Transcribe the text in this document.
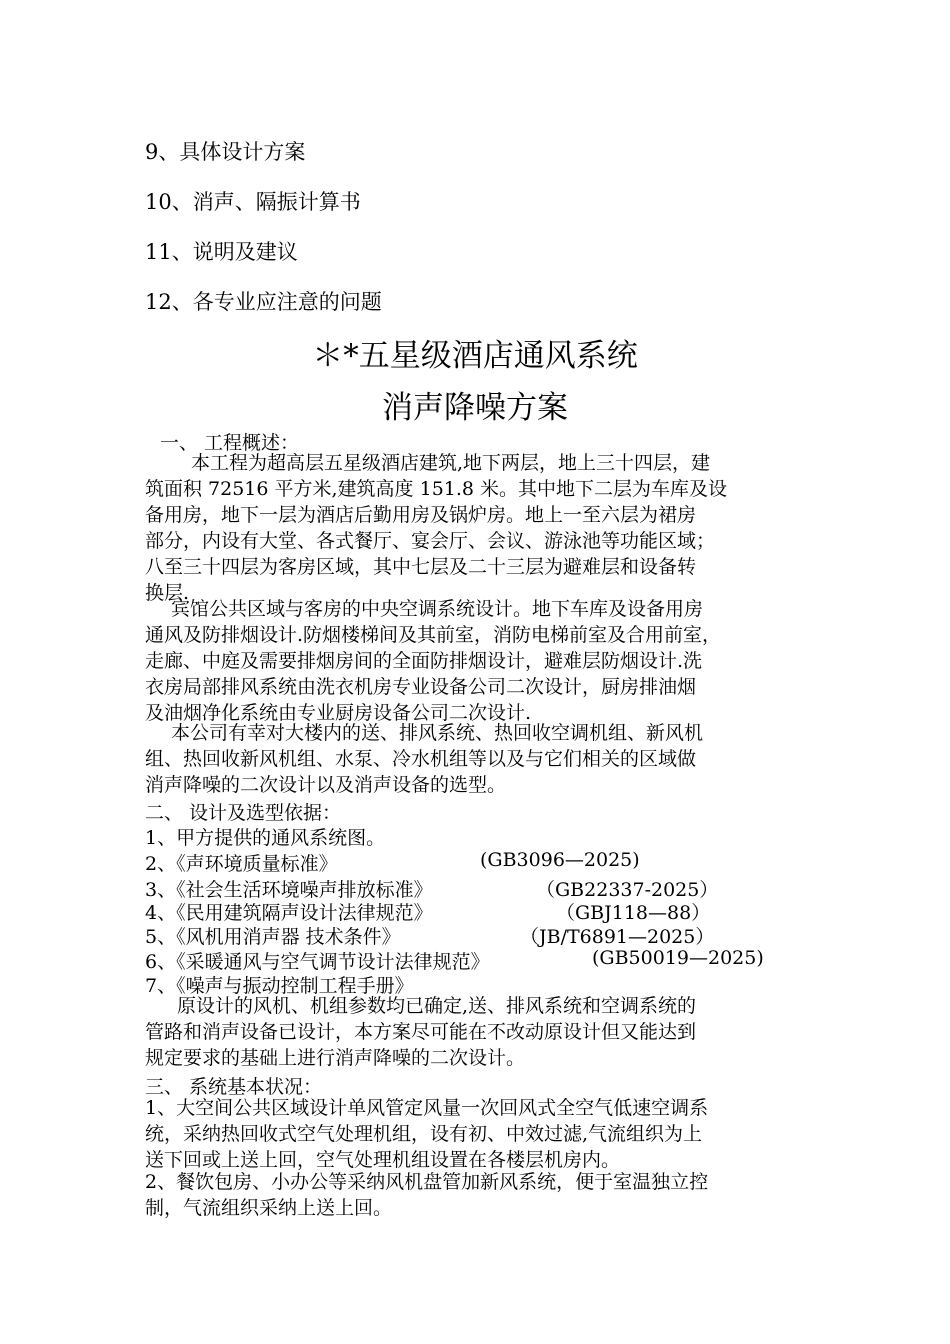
9、具体设计方案
10、消声、隔振计算书
11、说明及建议
12、各专业应注意的问题
＊*五星级酒店通风系统
消声降噪方案
一、 工程概述：
本工程为超高层五星级酒店建筑,地下两层，地上三十四层，建
筑面积 72516 平方米,建筑高度 151.8 米。其中地下二层为车库及设
备用房，地下一层为酒店后勤用房及锅炉房。地上一至六层为裙房
部分，内设有大堂、各式餐厅、宴会厅、会议、游泳池等功能区域；
八至三十四层为客房区域，其中七层及二十三层为避难层和设备转
换层.
宾馆公共区域与客房的中央空调系统设计。地下车库及设备用房
通风及防排烟设计.防烟楼梯间及其前室，消防电梯前室及合用前室，
走廊、中庭及需要排烟房间的全面防排烟设计，避难层防烟设计.洗
衣房局部排风系统由洗衣机房专业设备公司二次设计，厨房排油烟
及油烟净化系统由专业厨房设备公司二次设计.
本公司有幸对大楼内的送、排风系统、热回收空调机组、新风机
组、热回收新风机组、水泵、冷水机组等以及与它们相关的区域做
消声降噪的二次设计以及消声设备的选型。
二、 设计及选型依据：
1、甲方提供的通风系统图。
2、《声环境质量标准》	(GB3096—2025)
3、《社会生活环境噪声排放标准》	（GB22337-2025）
4、《民用建筑隔声设计法律规范》	（GBJ118—88）
5、《风机用消声器 技术条件》	（JB/T6891—2025）
6、《采暖通风与空气调节设计法律规范》	(GB50019—2025)
7、《噪声与振动控制工程手册》
原设计的风机、机组参数均已确定,送、排风系统和空调系统的
管路和消声设备已设计，本方案尽可能在不改动原设计但又能达到
规定要求的基础上进行消声降噪的二次设计。
三、 系统基本状况：
1、大空间公共区域设计单风管定风量一次回风式全空气低速空调系
统，采纳热回收式空气处理机组，设有初、中效过滤,气流组织为上
送下回或上送上回，空气处理机组设置在各楼层机房内。
2、餐饮包房、小办公等采纳风机盘管加新风系统，便于室温独立控
制，气流组织采纳上送上回。
